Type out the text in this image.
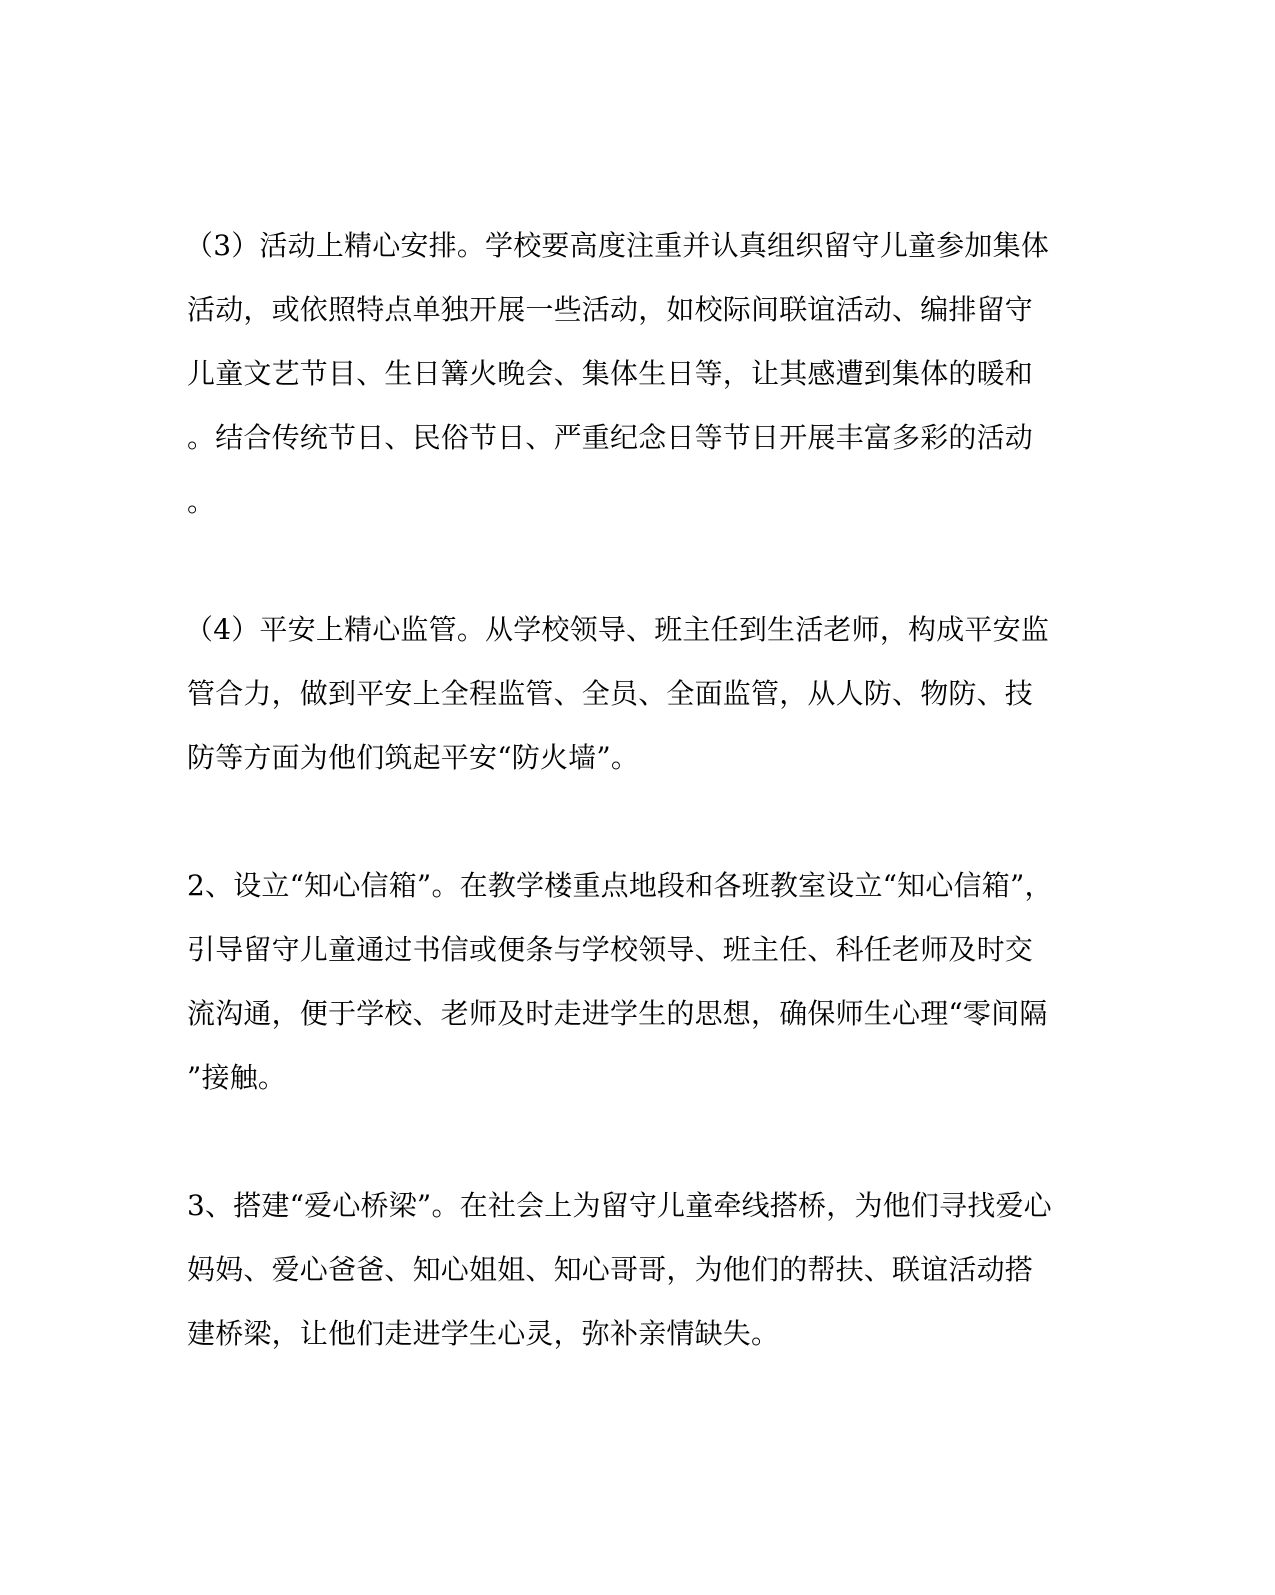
（3）活动上精心安排。学校要高度注重并认真组织留守儿童参加集体
活动，或依照特点单独开展一些活动，如校际间联谊活动、编排留守
儿童文艺节目、生日篝火晚会、集体生日等，让其感遭到集体的暖和
。结合传统节日、民俗节日、严重纪念日等节日开展丰富多彩的活动
。
（4）平安上精心监管。从学校领导、班主任到生活老师，构成平安监
管合力，做到平安上全程监管、全员、全面监管，从人防、物防、技
防等方面为他们筑起平安“防火墙”。
2、设立“知心信箱”。在教学楼重点地段和各班教室设立“知心信箱”，
引导留守儿童通过书信或便条与学校领导、班主任、科任老师及时交
流沟通，便于学校、老师及时走进学生的思想，确保师生心理“零间隔
”接触。
3、搭建“爱心桥梁”。在社会上为留守儿童牵线搭桥，为他们寻找爱心
妈妈、爱心爸爸、知心姐姐、知心哥哥，为他们的帮扶、联谊活动搭
建桥梁，让他们走进学生心灵，弥补亲情缺失。
